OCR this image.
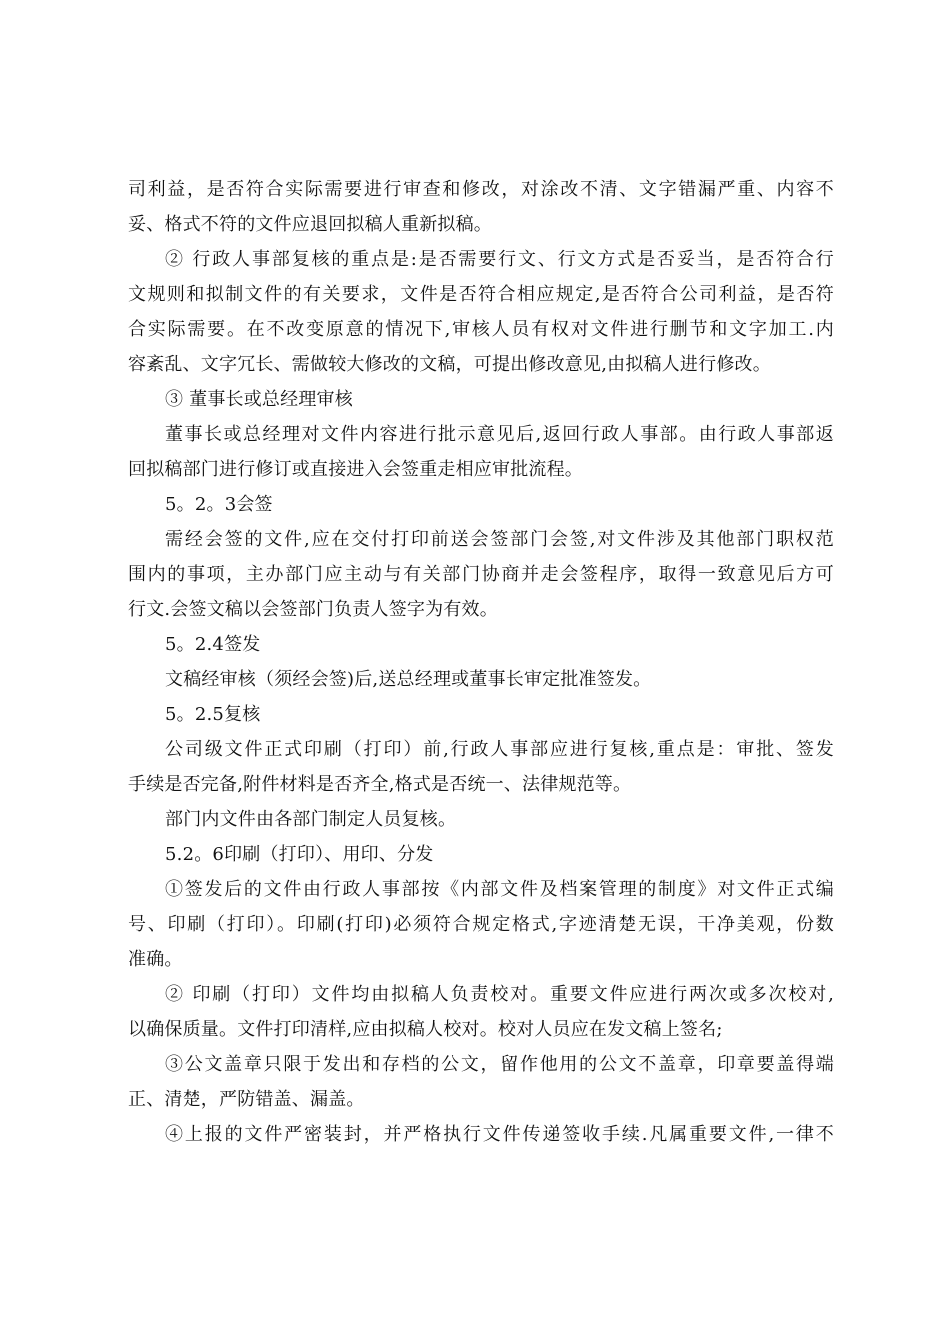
司利益，是否符合实际需要进行审查和修改，对涂改不清、文字错漏严重、内容不
妥、格式不符的文件应退回拟稿人重新拟稿。
② 行政人事部复核的重点是:是否需要行文、行文方式是否妥当，是否符合行
文规则和拟制文件的有关要求，文件是否符合相应规定,是否符合公司利益，是否符
合实际需要。在不改变原意的情况下,审核人员有权对文件进行删节和文字加工.内
容紊乱、文字冗长、需做较大修改的文稿，可提出修改意见,由拟稿人进行修改。
③ 董事长或总经理审核
董事长或总经理对文件内容进行批示意见后,返回行政人事部。由行政人事部返
回拟稿部门进行修订或直接进入会签重走相应审批流程。
5。2。3会签
需经会签的文件,应在交付打印前送会签部门会签,对文件涉及其他部门职权范
围内的事项，主办部门应主动与有关部门协商并走会签程序，取得一致意见后方可
行文.会签文稿以会签部门负责人签字为有效。
5。2.4签发
文稿经审核（须经会签)后,送总经理或董事长审定批准签发。
5。2.5复核
公司级文件正式印刷（打印）前,行政人事部应进行复核,重点是：审批、签发
手续是否完备,附件材料是否齐全,格式是否统一、法律规范等。
部门内文件由各部门制定人员复核。
5.2。6印刷（打印）、用印、分发
①签发后的文件由行政人事部按《内部文件及档案管理的制度》对文件正式编
号、印刷（打印）。印刷(打印)必须符合规定格式,字迹清楚无误，干净美观，份数
准确。
② 印刷（打印）文件均由拟稿人负责校对。重要文件应进行两次或多次校对,
以确保质量。文件打印清样,应由拟稿人校对。校对人员应在发文稿上签名;
③公文盖章只限于发出和存档的公文，留作他用的公文不盖章，印章要盖得端
正、清楚，严防错盖、漏盖。
④上报的文件严密装封，并严格执行文件传递签收手续.凡属重要文件,一律不
